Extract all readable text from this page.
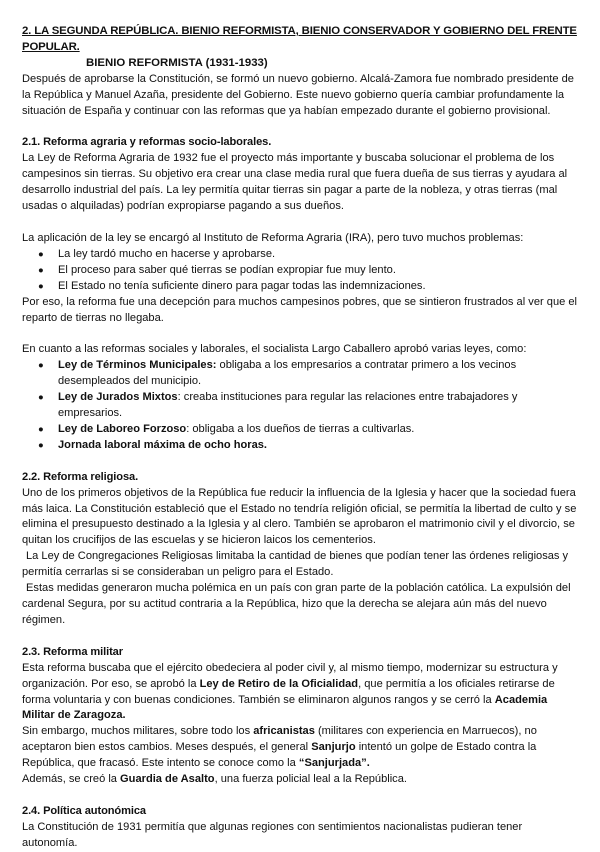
2. LA SEGUNDA REPÚBLICA. BIENIO REFORMISTA, BIENIO CONSERVADOR Y GOBIERNO DEL FRENTE
POPULAR.
BIENIO REFORMISTA (1931-1933)

Después de aprobarse la Constitución, se formó un nuevo gobierno. Alcalá-Zamora fue nombrado presidente de la República y Manuel Azaña, presidente del Gobierno. Este nuevo gobierno quería cambiar profundamente la situación de España y continuar con las reformas que ya habían empezado durante el gobierno provisional.

2.1. Reforma agraria y reformas socio-laborales.

La Ley de Reforma Agraria de 1932 fue el proyecto más importante y buscaba solucionar el problema de los campesinos sin tierras. Su objetivo era crear una clase media rural que fuera dueña de sus tierras y ayudara al desarrollo industrial del país. La ley permitía quitar tierras sin pagar a parte de la nobleza, y otras tierras (mal usadas o alquiladas) podrían expropiarse pagando a sus dueños.

La aplicación de la ley se encargó al Instituto de Reforma Agraria (IRA), pero tuvo muchos problemas:

● La ley tardó mucho en hacerse y aprobarse.
● El proceso para saber qué tierras se podían expropiar fue muy lento.
● El Estado no tenía suficiente dinero para pagar todas las indemnizaciones.

Por eso, la reforma fue una decepción para muchos campesinos pobres, que se sintieron frustrados al ver que el reparto de tierras no llegaba.

En cuanto a las reformas sociales y laborales, el socialista Largo Caballero aprobó varias leyes, como:

● Ley de Términos Municipales: obligaba a los empresarios a contratar primero a los vecinos desempleados del municipio.
● Ley de Jurados Mixtos: creaba instituciones para regular las relaciones entre trabajadores y empresarios.
● Ley de Laboreo Forzoso: obligaba a los dueños de tierras a cultivarlas.
● Jornada laboral máxima de ocho horas.
2.2. Reforma religiosa.

Uno de los primeros objetivos de la República fue reducir la influencia de la Iglesia y hacer que la sociedad fuera más laica. La Constitución estableció que el Estado no tendría religión oficial, se permitía la libertad de culto y se elimina el presupuesto destinado a la Iglesia y al clero. También se aprobaron el matrimonio civil y el divorcio, se quitan los crucifijos de las escuelas y se hicieron laicos los cementerios.

La Ley de Congregaciones Religiosas limitaba la cantidad de bienes que podían tener las órdenes religiosas y permitía cerrarlas si se consideraban un peligro para el Estado.

Estas medidas generaron mucha polémica en un país con gran parte de la población católica. La expulsión del cardenal Segura, por su actitud contraria a la República, hizo que la derecha se alejara aún más del nuevo régimen.

2.3. Reforma militar

Esta reforma buscaba que el ejército obedeciera al poder civil y, al mismo tiempo, modernizar su estructura y organización. Por eso, se aprobó la Ley de Retiro de la Oficialidad, que permitía a los oficiales retirarse de forma voluntaria y con buenas condiciones. También se eliminaron algunos rangos y se cerró la Academia Militar de Zaragoza.

Sin embargo, muchos militares, sobre todo los africanistas (militares con experiencia en Marruecos), no aceptaron bien estos cambios. Meses después, el general Sanjurjo intentó un golpe de Estado contra la República, que fracasó. Este intento se conoce como la “Sanjurjada”.

Además, se creó la Guardia de Asalto, una fuerza policial leal a la República.

2.4. Política autonómica

La Constitución de 1931 permitía que algunas regiones con sentimientos nacionalistas pudieran tener autonomía.
